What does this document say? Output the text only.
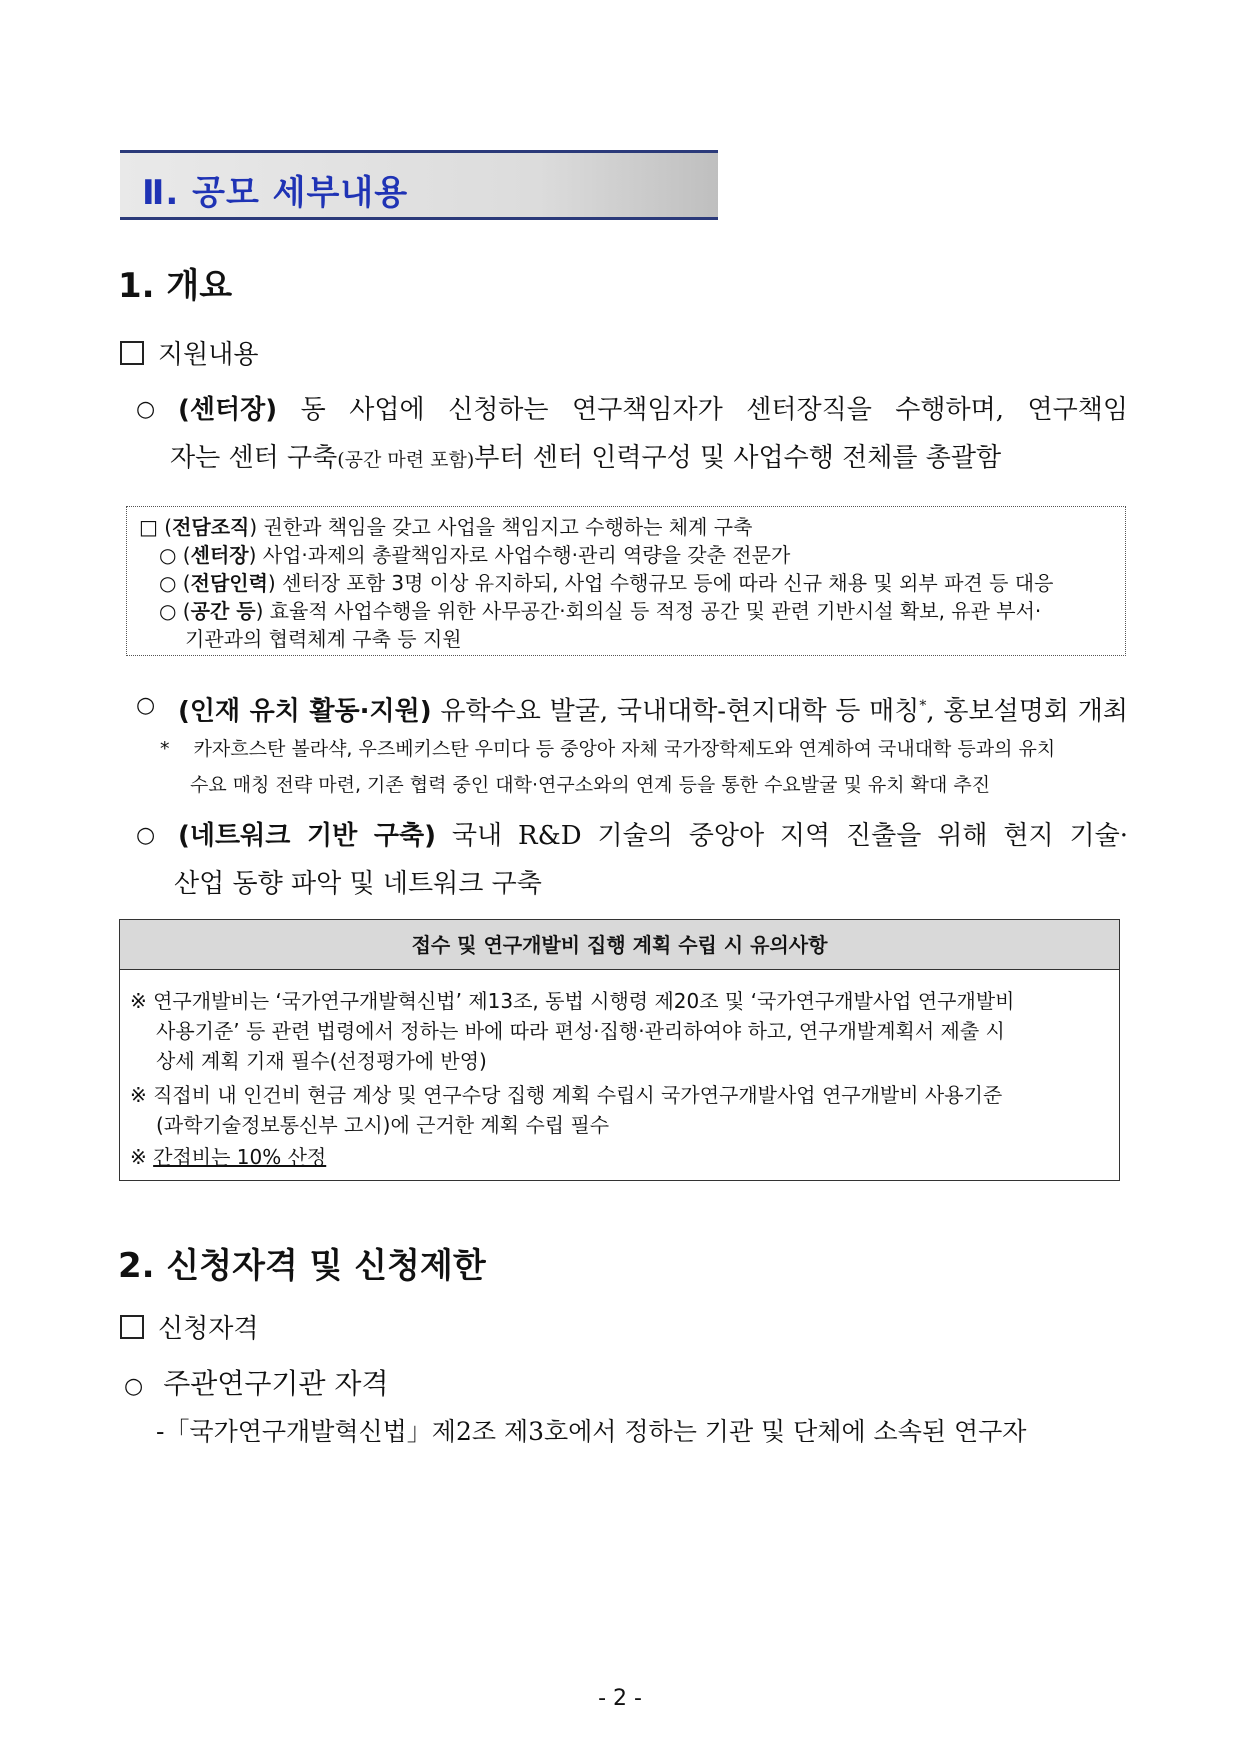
Ⅱ. 공모 세부내용
1. 개요
지원내용
○ (센터장) 동 사업에 신청하는 연구책임자가 센터장직을 수행하며, 연구책임
자는 센터 구축(공간 마련 포함)부터 센터 인력구성 및 사업수행 전체를 총괄함
□ (전담조직) 권한과 책임을 갖고 사업을 책임지고 수행하는 체계 구축
○ (센터장) 사업·과제의 총괄책임자로 사업수행·관리 역량을 갖춘 전문가
○ (전담인력) 센터장 포함 3명 이상 유지하되, 사업 수행규모 등에 따라 신규 채용 및 외부 파견 등 대응
○ (공간 등) 효율적 사업수행을 위한 사무공간·회의실 등 적정 공간 및 관련 기반시설 확보, 유관 부서·
기관과의 협력체계 구축 등 지원
○ (인재 유치 활동·지원) 유학수요 발굴, 국내대학-현지대학 등 매칭*, 홍보설명회 개최
* 카자흐스탄 볼라샥, 우즈베키스탄 우미다 등 중앙아 자체 국가장학제도와 연계하여 국내대학 등과의 유치
수요 매칭 전략 마련, 기존 협력 중인 대학·연구소와의 연계 등을 통한 수요발굴 및 유치 확대 추진
○ (네트워크 기반 구축) 국내 R&D 기술의 중앙아 지역 진출을 위해 현지 기술·
산업 동향 파악 및 네트워크 구축
접수 및 연구개발비 집행 계획 수립 시 유의사항
※ 연구개발비는 ‘국가연구개발혁신법’ 제13조, 동법 시행령 제20조 및 ‘국가연구개발사업 연구개발비
사용기준’ 등 관련 법령에서 정하는 바에 따라 편성·집행·관리하여야 하고, 연구개발계획서 제출 시
상세 계획 기재 필수(선정평가에 반영)
※ 직접비 내 인건비 현금 계상 및 연구수당 집행 계획 수립시 국가연구개발사업 연구개발비 사용기준
(과학기술정보통신부 고시)에 근거한 계획 수립 필수
※ 간접비는 10% 산정
2. 신청자격 및 신청제한
신청자격
○ 주관연구기관 자격
-「국가연구개발혁신법」제2조 제3호에서 정하는 기관 및 단체에 소속된 연구자
- 2 -
